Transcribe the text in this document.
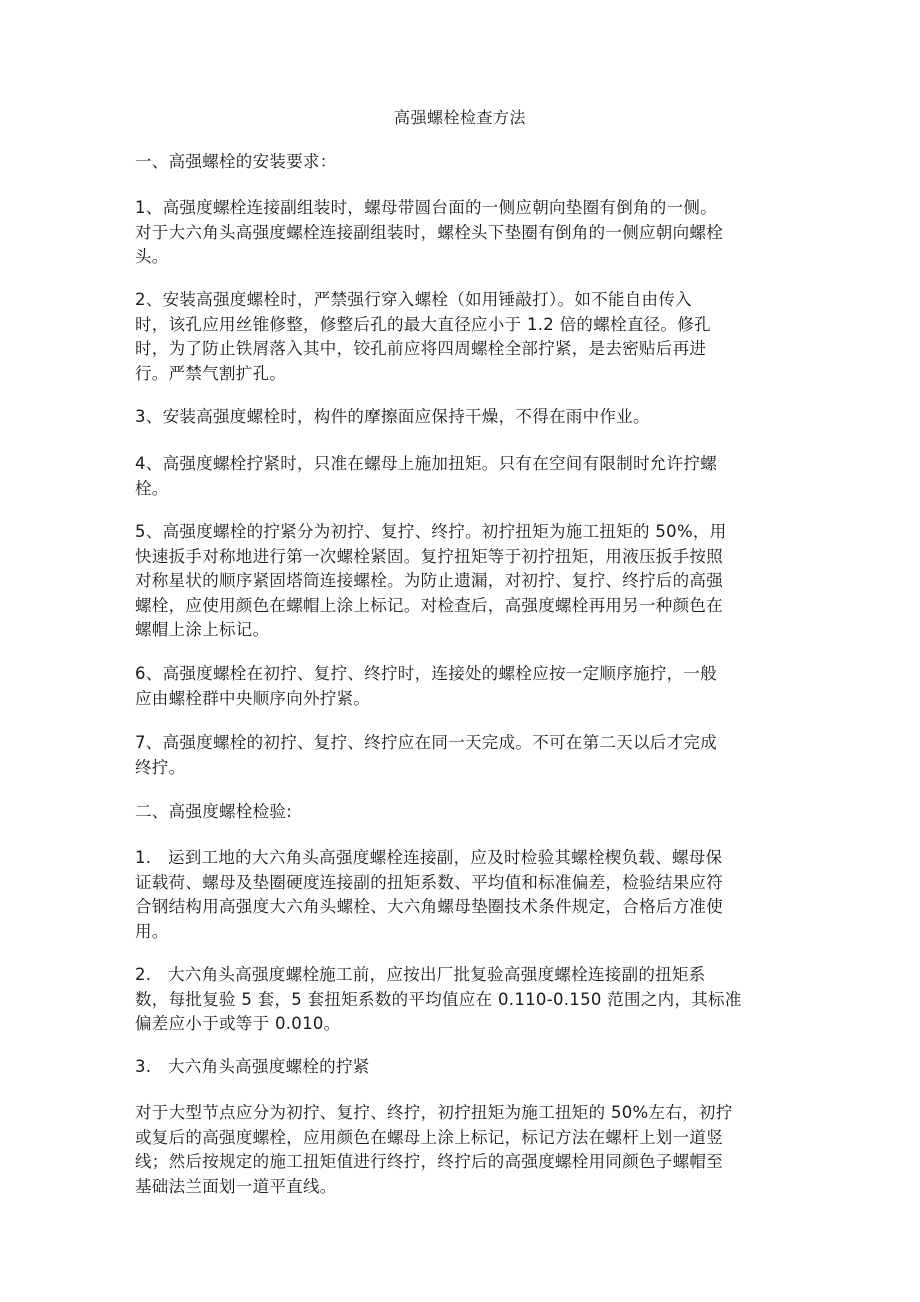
高强螺栓检查方法

一、高强螺栓的安装要求：

1、高强度螺栓连接副组装时，螺母带圆台面的一侧应朝向垫圈有倒角的一侧。
对于大六角头高强度螺栓连接副组装时，螺栓头下垫圈有倒角的一侧应朝向螺栓
头。

2、安装高强度螺栓时，严禁强行穿入螺栓（如用锤敲打）。如不能自由传入
时，该孔应用丝锥修整，修整后孔的最大直径应小于 1.2 倍的螺栓直径。修孔
时，为了防止铁屑落入其中，铰孔前应将四周螺栓全部拧紧，是去密贴后再进
行。严禁气割扩孔。

3、安装高强度螺栓时，构件的摩擦面应保持干燥，不得在雨中作业。

4、高强度螺栓拧紧时，只准在螺母上施加扭矩。只有在空间有限制时允许拧螺
栓。

5、高强度螺栓的拧紧分为初拧、复拧、终拧。初拧扭矩为施工扭矩的 50%，用
快速扳手对称地进行第一次螺栓紧固。复拧扭矩等于初拧扭矩，用液压扳手按照
对称星状的顺序紧固塔筒连接螺栓。为防止遗漏，对初拧、复拧、终拧后的高强
螺栓，应使用颜色在螺帽上涂上标记。对检查后，高强度螺栓再用另一种颜色在
螺帽上涂上标记。

6、高强度螺栓在初拧、复拧、终拧时，连接处的螺栓应按一定顺序施拧，一般
应由螺栓群中央顺序向外拧紧。

7、高强度螺栓的初拧、复拧、终拧应在同一天完成。不可在第二天以后才完成
终拧。

二、高强度螺栓检验:

1.   运到工地的大六角头高强度螺栓连接副，应及时检验其螺栓楔负载、螺母保
证载荷、螺母及垫圈硬度连接副的扭矩系数、平均值和标准偏差，检验结果应符
合钢结构用高强度大六角头螺栓、大六角螺母垫圈技术条件规定，合格后方准使
用。

2.   大六角头高强度螺栓施工前，应按出厂批复验高强度螺栓连接副的扭矩系
数，每批复验 5 套，5 套扭矩系数的平均值应在 0.110-0.150 范围之内，其标准
偏差应小于或等于 0.010。

3.   大六角头高强度螺栓的拧紧

对于大型节点应分为初拧、复拧、终拧，初拧扭矩为施工扭矩的 50%左右，初拧
或复后的高强度螺栓，应用颜色在螺母上涂上标记，标记方法在螺杆上划一道竖
线；然后按规定的施工扭矩值进行终拧，终拧后的高强度螺栓用同颜色子螺帽至
基础法兰面划一道平直线。
